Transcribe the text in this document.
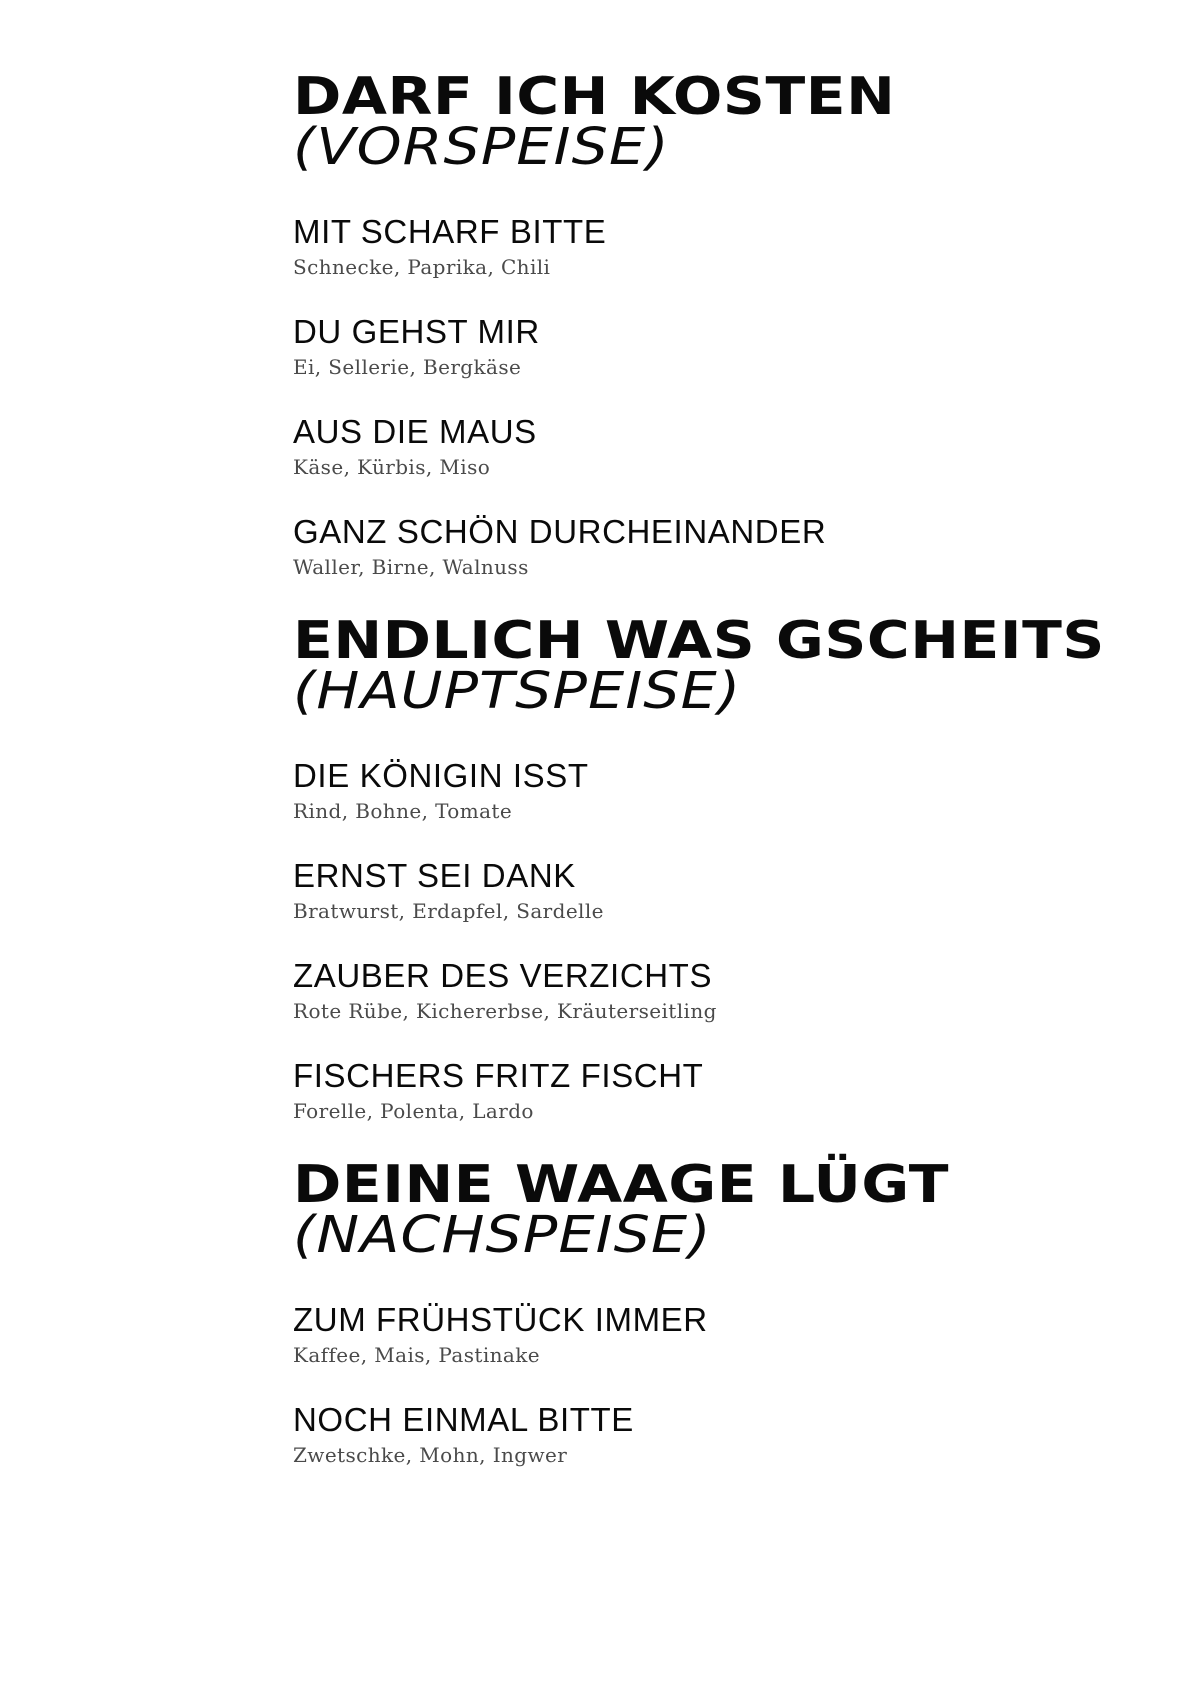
DARF ICH KOSTEN
(VORSPEISE)
MIT SCHARF BITTE
Schnecke, Paprika, Chili
DU GEHST MIR
Ei, Sellerie, Bergkäse
AUS DIE MAUS
Käse, Kürbis, Miso
GANZ SCHÖN DURCHEINANDER
Waller, Birne, Walnuss
ENDLICH WAS GSCHEITS
(HAUPTSPEISE)
DIE KÖNIGIN ISST
Rind, Bohne, Tomate
ERNST SEI DANK
Bratwurst, Erdapfel, Sardelle
ZAUBER DES VERZICHTS
Rote Rübe, Kichererbse, Kräuterseitling
FISCHERS FRITZ FISCHT
Forelle, Polenta, Lardo
DEINE WAAGE LÜGT
(NACHSPEISE)
ZUM FRÜHSTÜCK IMMER
Kaffee, Mais, Pastinake
NOCH EINMAL BITTE
Zwetschke, Mohn, Ingwer
